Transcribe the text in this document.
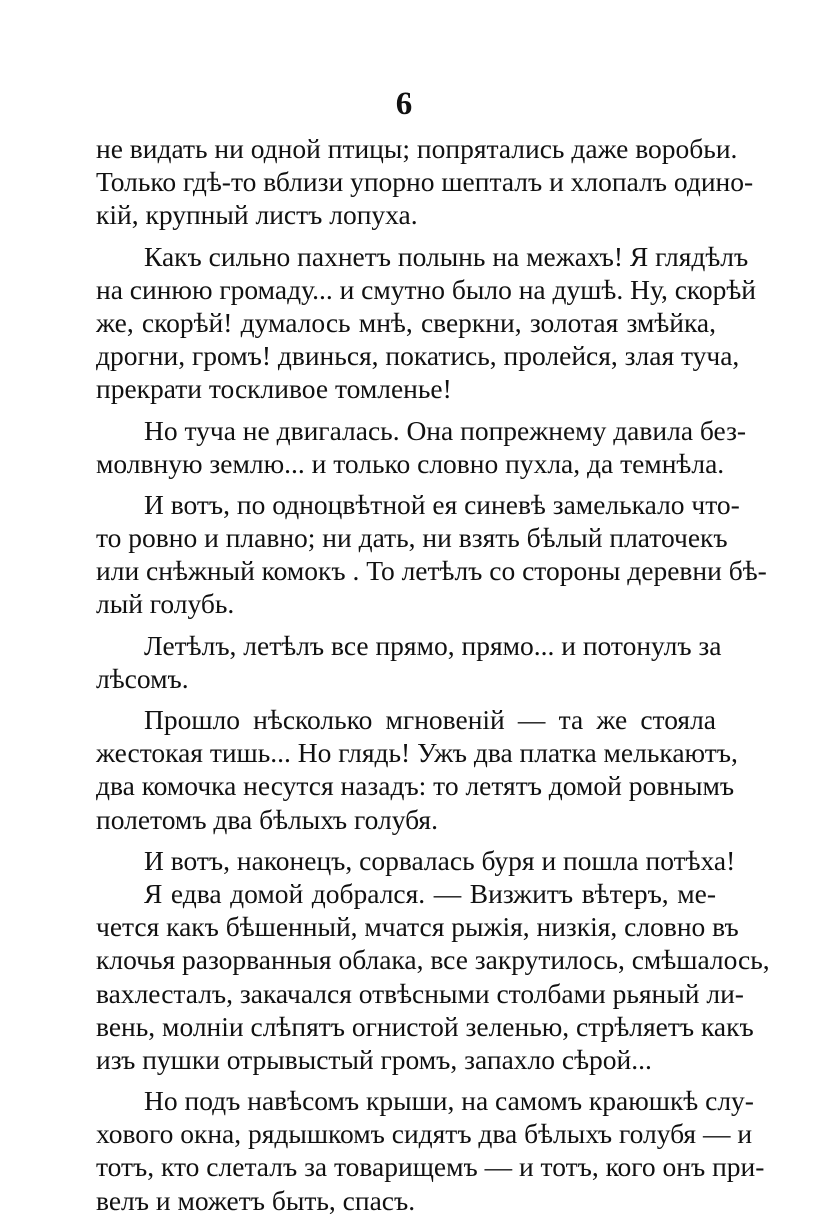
6
не видать ни одной птицы; попрятались даже воробьи.
Только гдѣ-то вблизи упорно шепталъ и хлопалъ одино-
кій, крупный листъ лопуха.
Какъ сильно пахнетъ полынь на межахъ! Я глядѣлъ
на синюю громаду... и смутно было на душѣ. Ну, скорѣй
же, скорѣй! думалось мнѣ, сверкни, золотая змѣйка,
дрогни, громъ! двинься, покатись, пролейся, злая туча,
прекрати тоскливое томленье!
Но туча не двигалась. Она попрежнему давила без-
молвную землю... и только словно пухла, да темнѣла.
И вотъ, по одноцвѣтной ея синевѣ замелькало что-
то ровно и плавно; ни дать, ни взять бѣлый платочекъ
или снѣжный комокъ . То летѣлъ со стороны деревни бѣ-
лый голубь.
Летѣлъ, летѣлъ все прямо, прямо... и потонулъ за
лѣсомъ.
Прошло нѣсколько мгновеній — та же стояла
жестокая тишь... Но глядь! Ужъ два платка мелькаютъ,
два комочка несутся назадъ: то летятъ домой ровнымъ
полетомъ два бѣлыхъ голубя.
И вотъ, наконецъ, сорвалась буря и пошла потѣха!
Я едва домой добрался. — Визжитъ вѣтеръ, ме-
чется какъ бѣшенный, мчатся рыжія, низкія, словно въ
клочья разорванныя облака, все закрутилось, смѣшалось,
вахлесталъ, закачался отвѣсными столбами рьяный ли-
вень, молніи слѣпятъ огнистой зеленью, стрѣляетъ какъ
изъ пушки отрывыстый громъ, запахло сѣрой...
Но подъ навѣсомъ крыши, на самомъ краюшкѣ слу-
хового окна, рядышкомъ сидятъ два бѣлыхъ голубя — и
тотъ, кто слеталъ за товарищемъ — и тотъ, кого онъ при-
велъ и можетъ быть, спасъ.
